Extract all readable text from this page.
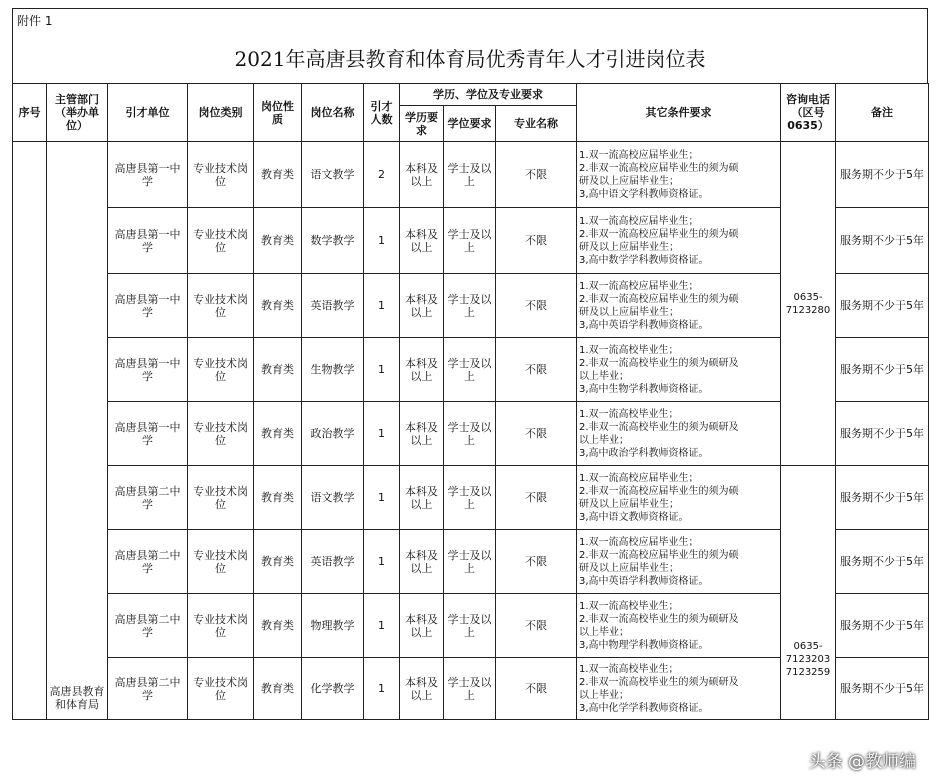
附件 1
2021年高唐县教育和体育局优秀青年人才引进岗位表
序号	主管部门（举办单位）	引才单位	岗位类别	岗位性质	岗位名称	引才人数	学历、学位及专业要求			其它条件要求	咨询电话（区号0635）	备注
							学历要求	学位要求	专业名称			
	高唐县教育和体育局	高唐县第一中学	专业技术岗位	教育类	语文教学	2	本科及以上	学士及以上	不限	1.双一流高校应届毕业生；
2.非双一流高校应届毕业生的须为硕
研及以上应届毕业生；
3,高中语文学科教师资格证。	0635-7123280	服务期不少于5年
		高唐县第一中学	专业技术岗位	教育类	数学教学	1	本科及以上	学士及以上	不限	1.双一流高校应届毕业生；
2.非双一流高校应届毕业生的须为硕
研及以上应届毕业生；
3,高中数学学科教师资格证。		服务期不少于5年
		高唐县第一中学	专业技术岗位	教育类	英语教学	1	本科及以上	学士及以上	不限	1.双一流高校应届毕业生；
2.非双一流高校应届毕业生的须为硕
研及以上应届毕业生；
3,高中英语学科教师资格证。		服务期不少于5年
		高唐县第一中学	专业技术岗位	教育类	生物教学	1	本科及以上	学士及以上	不限	1.双一流高校毕业生；
2.非双一流高校毕业生的须为硕研及
以上毕业；
3,高中生物学科教师资格证。		服务期不少于5年
		高唐县第一中学	专业技术岗位	教育类	政治教学	1	本科及以上	学士及以上	不限	1.双一流高校毕业生；
2.非双一流高校毕业生的须为硕研及
以上毕业；
3,高中政治学科教师资格证。		服务期不少于5年
		高唐县第二中学	专业技术岗位	教育类	语文教学	1	本科及以上	学士及以上	不限	1.双一流高校应届毕业生；
2.非双一流高校应届毕业生的须为硕
研及以上应届毕业生；
3,高中语文教师资格证。	0635-7123203 7123259	服务期不少于5年
		高唐县第二中学	专业技术岗位	教育类	英语教学	1	本科及以上	学士及以上	不限	1.双一流高校应届毕业生；
2.非双一流高校应届毕业生的须为硕
研及以上应届毕业生；
3,高中英语学科教师资格证。		服务期不少于5年
		高唐县第二中学	专业技术岗位	教育类	物理教学	1	本科及以上	学士及以上	不限	1.双一流高校毕业生；
2.非双一流高校毕业生的须为硕研及
以上毕业；
3,高中物理学科教师资格证。		服务期不少于5年
		高唐县第二中学	专业技术岗位	教育类	化学教学	1	本科及以上	学士及以上	不限	1.双一流高校毕业生；
2.非双一流高校毕业生的须为硕研及
以上毕业；
3,高中化学学科教师资格证。		服务期不少于5年
头条 @教师编
